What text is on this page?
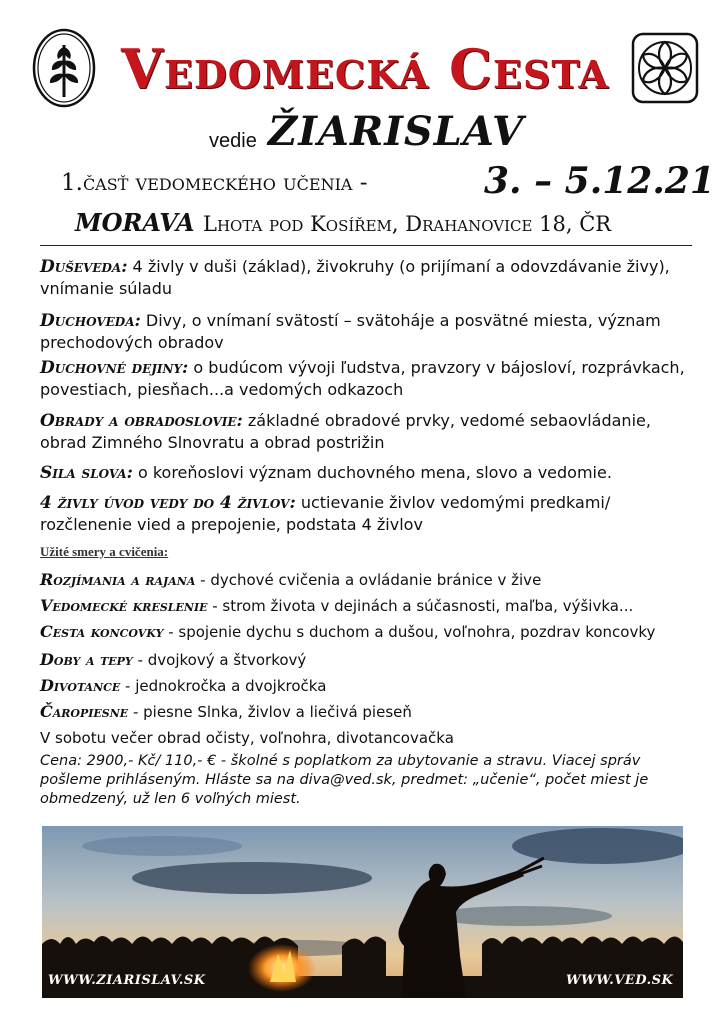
Vedomecká Cesta
vedie ŽIARISLAV
1.časť vedomeckého učenia -	3. – 5.12.21
MORAVA Lhota pod Kosířem, Drahanovice 18, ČR
Duševeda: 4 živly v duši (základ), živokruhy (o prijímaní a odovzdávanie živy), vnímanie súladu
Duchoveda: Divy, o vnímaní svätostí – svätoháje a posvätné miesta, význam prechodových obradov
Duchovné dejiny: o budúcom vývoji ľudstva, pravzory v bájosloví, rozprávkach, povestiach, piesňach...a vedomých odkazoch
Obrady a obradoslovie: základné obradové prvky, vedomé sebaovládanie, obrad Zimného Slnovratu a obrad postrižin
Sila slova: o koreňoslovi význam duchovného mena, slovo a vedomie.
4 živly úvod vedy do 4 živlov: uctievanie živlov vedomými predkami/ rozčlenenie vied a prepojenie, podstata 4 živlov
Užité smery a cvičenia:
Rozjímania a rajana - dychové cvičenia a ovládanie bránice v žive
Vedomecké kreslenie - strom života v dejinách a súčasnosti, maľba, výšivka...
Cesta koncovky - spojenie dychu s duchom a dušou, voľnohra, pozdrav koncovky
Doby a tepy - dvojkový a štvorkový
Divotance - jednokročka a dvojkročka
Čaropiesne - piesne Slnka, živlov a liečivá pieseň
V sobotu večer obrad očisty, voľnohra, divotancovačka
Cena: 2900,- Kč/ 110,- € - školné s poplatkom za ubytovanie a stravu. Viacej správ pošleme prihláseným. Hláste sa na diva@ved.sk, predmet: „učenie“, počet miest je obmedzený, už len 6 voľných miest.
WWW.ZIARISLAV.SK	WWW.VED.SK
